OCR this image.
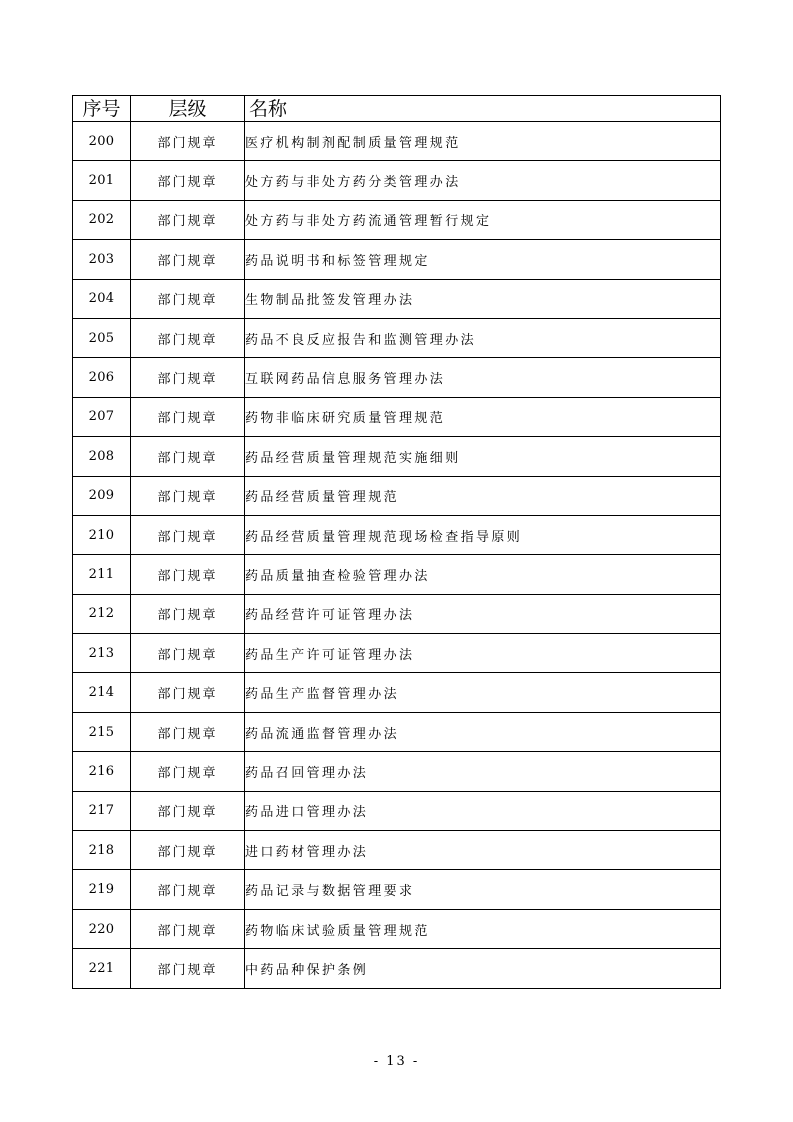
序号	层级	名称
200	部门规章	医疗机构制剂配制质量管理规范
201	部门规章	处方药与非处方药分类管理办法
202	部门规章	处方药与非处方药流通管理暂行规定
203	部门规章	药品说明书和标签管理规定
204	部门规章	生物制品批签发管理办法
205	部门规章	药品不良反应报告和监测管理办法
206	部门规章	互联网药品信息服务管理办法
207	部门规章	药物非临床研究质量管理规范
208	部门规章	药品经营质量管理规范实施细则
209	部门规章	药品经营质量管理规范
210	部门规章	药品经营质量管理规范现场检查指导原则
211	部门规章	药品质量抽查检验管理办法
212	部门规章	药品经营许可证管理办法
213	部门规章	药品生产许可证管理办法
214	部门规章	药品生产监督管理办法
215	部门规章	药品流通监督管理办法
216	部门规章	药品召回管理办法
217	部门规章	药品进口管理办法
218	部门规章	进口药材管理办法
219	部门规章	药品记录与数据管理要求
220	部门规章	药物临床试验质量管理规范
221	部门规章	中药品种保护条例
- 13 -
